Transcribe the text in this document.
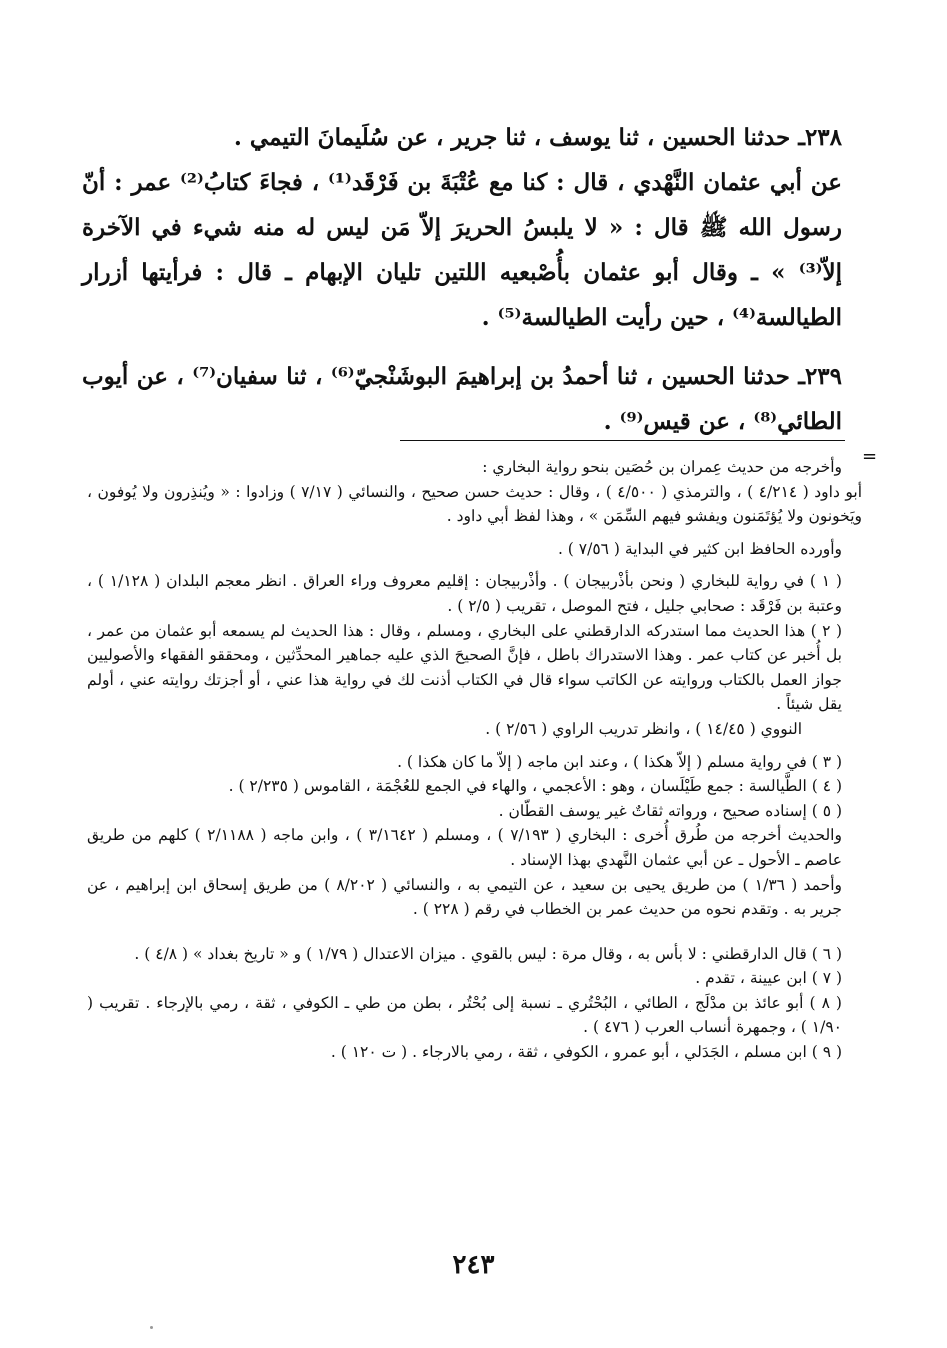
٢٣٨ـ حدثنا الحسين ، ثنا يوسف ، ثنا جرير ، عن سُلَيمانَ التيمي .

عن أبي عثمان النَّهْدي ، قال : كنا مع عُتْبَةَ بن فَرْقَد⁽¹⁾ ، فجاءَ كتابُ⁽²⁾ عمر : أنّ رسول الله ﷺ قال : « لا يلبسُ الحريرَ إلاّ مَن ليس له منه شيء في الآخرة إلاّ⁽³⁾ » ـ وقال أبو عثمان بأُصْبعيه اللتين تليان الإبهام ـ قال : فرأيتها أزرار الطيالسة⁽⁴⁾ ، حين رأيت الطيالسة⁽⁵⁾ .

٢٣٩ـ حدثنا الحسين ، ثنا أحمدُ بن إبراهيمَ البوشَنْجيّ⁽⁶⁾ ، ثنا سفيان⁽⁷⁾ ، عن أيوب الطائي⁽⁸⁾ ، عن قيس⁽⁹⁾ .

=

وأخرجه من حديث عِمران بن حُصَين بنحو رواية البخاري :

أبو داود ( ٤/٢١٤ ) ، والترمذي ( ٤/٥٠٠ ) ، وقال : حديث حسن صحيح ، والنسائي ( ٧/١٧ ) وزادوا : « ويُنذِرون ولا يُوفون ، ويَخونون ولا يُؤتَمَنون ويفشو فيهم السِّمَن » ، وهذا لفظ أبي داود .

وأورده الحافظ ابن كثير في البداية ( ٧/٥٦ ) .

( ١ ) في رواية للبخاري ( ونحن بأذْربيجان ) . وأذْربيجان : إقليم معروف وراء العراق . انظر معجم البلدان ( ١/١٢٨ ) ، وعتبة بن فَرْقَد : صحابي جليل ، فتح الموصل ، تقريب ( ٢/٥ ) .

( ٢ ) هذا الحديث مما استدركه الدارقطني على البخاري ، ومسلم ، وقال : هذا الحديث لم يسمعه أبو عثمان من عمر ، بل أُخبر عن كتاب عمر . وهذا الاستدراك باطل ، فإنَّ الصحيحَ الذي عليه جماهير المحدِّثين ، ومحققو الفقهاء والأصوليين جواز العمل بالكتاب وروايته عن الكاتب سواء قال في الكتاب أذنت لك في رواية هذا عني ، أو أجزتك روايته عني ، أولم يقل شيئاً .

النووي ( ١٤/٤٥ ) ، وانظر تدريب الراوي ( ٢/٥٦ ) .

( ٣ ) في رواية مسلم ( إلاّ هكذا ) ، وعند ابن ماجه ( إلاّ ما كان هكذا ) .

( ٤ ) الطَّيالسة : جمع طَيْلَسان ، وهو : الأعجمي ، والهاء في الجمع للعُجْمَة ، القاموس ( ٢/٢٣٥ ) .

( ٥ ) إسناده صحيح ، ورواته ثقاتٌ غير يوسف القطّان .

والحديث أخرجه من طُرق أُخرى : البخاري ( ٧/١٩٣ ) ، ومسلم ( ٣/١٦٤٢ ) ، وابن ماجه ( ٢/١١٨٨ ) كلهم من طريق عاصم ـ الأحول ـ عن أبي عثمان النَّهدي بهذا الإسناد .

وأحمد ( ١/٣٦ ) من طريق يحيى بن سعيد ، عن التيمي به ، والنسائي ( ٨/٢٠٢ ) من طريق إسحاق ابن إبراهيم ، عن جرير به . وتقدم نحوه من حديث عمر بن الخطاب في رقم ( ٢٢٨ ) .

( ٦ ) قال الدارقطني : لا بأس به ، وقال مرة : ليس بالقوي . ميزان الاعتدال ( ١/٧٩ ) و « تاريخ بغداد » ( ٤/٨ ) .

( ٧ ) ابن عيينة ، تقدم .

( ٨ ) أبو عائذ بن مدْلَج ، الطائي ، البُحْتُري ـ نسبة إلى بُحْتُر ، بطن من طي ـ الكوفي ، ثقة ، رمي بالإرجاء . تقريب ( ١/٩٠ ) ، وجمهرة أنساب العرب ( ٤٧٦ ) .

( ٩ ) ابن مسلم ، الجَدَلي ، أبو عمرو ، الكوفي ، ثقة ، رمي بالارجاء . ( ت ١٢٠ ) .

٢٤٣
